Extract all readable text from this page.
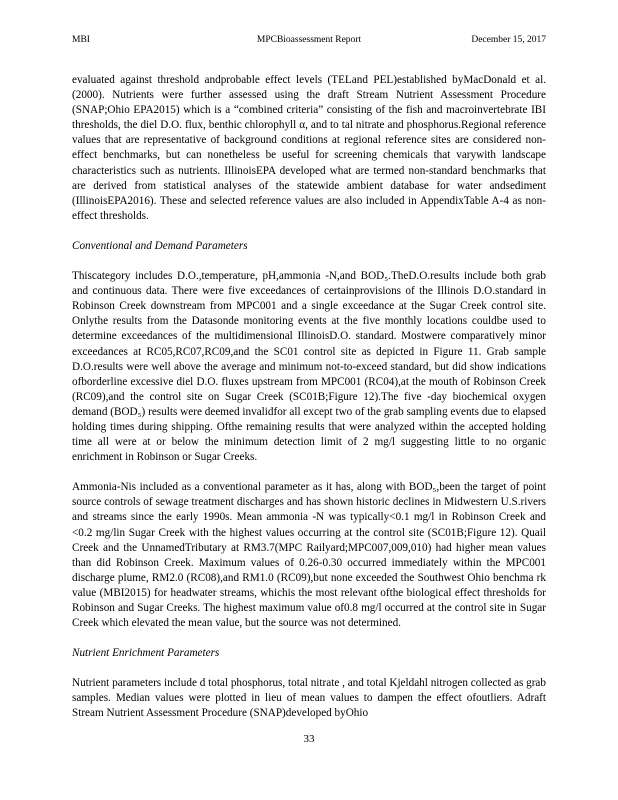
MBI	MPCBioassessment Report	December 15, 2017

evaluated against threshold andprobable effect levels (TELand PEL)established byMacDonald et al. (2000). Nutrients were further assessed using the draft Stream Nutrient Assessment Procedure (SNAP;Ohio EPA2015) which is a “combined criteria” consisting of the fish and macroinvertebrate IBI thresholds, the diel D.O. flux, benthic chlorophyll α, and to tal nitrate and phosphorus.Regional reference values that are representative of background conditions at regional reference sites are considered non-effect benchmarks, but can nonetheless be useful for screening chemicals that varywith landscape characteristics such as nutrients. IllinoisEPA developed what are termed non-standard benchmarks that are derived from statistical analyses of the statewide ambient database for water andsediment (IllinoisEPA2016). These and selected reference values are also included in AppendixTable A-4 as non-effect thresholds.

Conventional and Demand Parameters

Thiscategory includes D.O.,temperature, pH,ammonia -N,and BOD₅.TheD.O.results include both grab and continuous data. There were five exceedances of certainprovisions of the Illinois D.O.standard in Robinson Creek downstream from MPC001 and a single exceedance at the Sugar Creek control site. Onlythe results from the Datasonde monitoring events at the five monthly locations couldbe used to determine exceedances of the multidimensional IllinoisD.O. standard. Mostwere comparatively minor exceedances at RC05,RC07,RC09,and the SC01 control site as depicted in Figure 11. Grab sample D.O.results were well above the average and minimum not-to-exceed standard, but did show indications ofborderline excessive diel D.O. fluxes upstream from MPC001 (RC04),at the mouth of Robinson Creek (RC09),and the control site on Sugar Creek (SC01B;Figure 12).The five -day biochemical oxygen demand (BOD₅) results were deemed invalidfor all except two of the grab sampling events due to elapsed holding times during shipping. Ofthe remaining results that were analyzed within the accepted holding time all were at or below the minimum detection limit of 2 mg/l suggesting little to no organic enrichment in Robinson or Sugar Creeks.

Ammonia-Nis included as a conventional parameter as it has, along with BOD₅,been the target of point source controls of sewage treatment discharges and has shown historic declines in Midwestern U.S.rivers and streams since the early 1990s. Mean ammonia -N was typically<0.1 mg/l in Robinson Creek and <0.2 mg/lin Sugar Creek with the highest values occurring at the control site (SC01B;Figure 12). Quail Creek and the UnnamedTributary at RM3.7(MPC Railyard;MPC007,009,010) had higher mean values than did Robinson Creek. Maximum values of 0.26-0.30 occurred immediately within the MPC001 discharge plume, RM2.0 (RC08),and RM1.0 (RC09),but none exceeded the Southwest Ohio benchma rk value (MBI2015) for headwater streams, whichis the most relevant ofthe biological effect thresholds for Robinson and Sugar Creeks. The highest maximum value of0.8 mg/l occurred at the control site in Sugar Creek which elevated the mean value, but the source was not determined.

Nutrient Enrichment Parameters

Nutrient parameters include d total phosphorus, total nitrate , and total Kjeldahl nitrogen collected as grab samples. Median values were plotted in lieu of mean values to dampen the effect ofoutliers. Adraft Stream Nutrient Assessment Procedure (SNAP)developed byOhio

33
